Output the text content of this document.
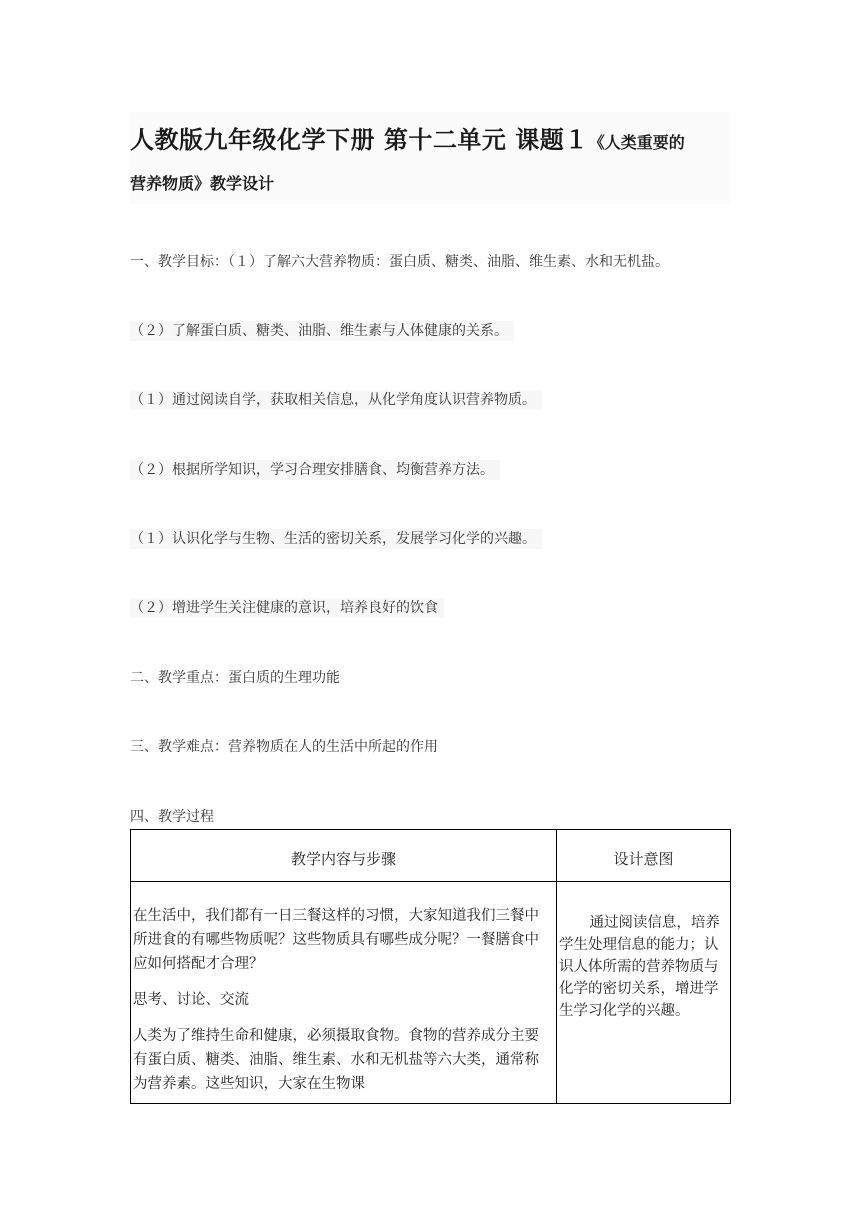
人教版九年级化学下册 第十二单元 课题１《人类重要的
营养物质》教学设计
一、教学目标：（１）了解六大营养物质：蛋白质、糖类、油脂、维生素、水和无机盐。
（２）了解蛋白质、糖类、油脂、维生素与人体健康的关系。
（１）通过阅读自学，获取相关信息，从化学角度认识营养物质。
（２）根据所学知识，学习合理安排膳食、均衡营养方法。
（１）认识化学与生物、生活的密切关系，发展学习化学的兴趣。
（２）增进学生关注健康的意识，培养良好的饮食
二、教学重点：蛋白质的生理功能
三、教学难点：营养物质在人的生活中所起的作用
四、教学过程
教学内容与步骤	设计意图

在生活中，我们都有一日三餐这样的习惯，大家知道我们三餐中所进食的有哪些物质呢？这些物质具有哪些成分呢？一餐膳食中应如何搭配才合理？

思考、讨论、交流

人类为了维持生命和健康，必须摄取食物。食物的营养成分主要有蛋白质、糖类、油脂、维生素、水和无机盐等六大类，通常称为营养素。这些知识，大家在生物课	通过阅读信息，培养学生处理信息的能力；认识人体所需的营养物质与化学的密切关系，增进学生学习化学的兴趣。
